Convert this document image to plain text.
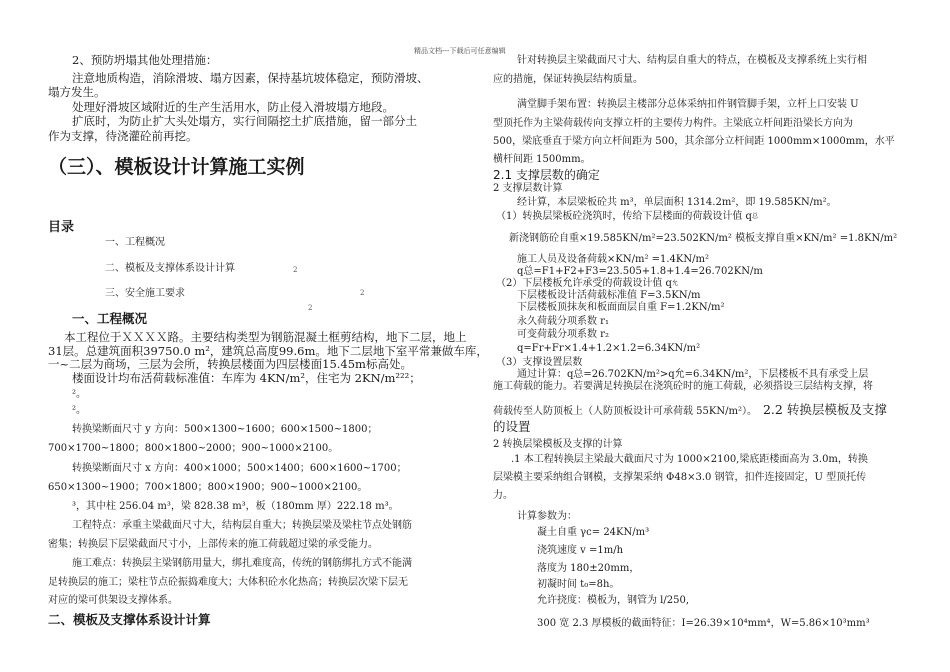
精品文档---下载后可任意编辑
2、预防坍塌其他处理措施：
注意地质构造，消除滑坡、塌方因素，保持基坑坡体稳定，预防滑坡、
塌方发生。
处理好滑坡区域附近的生产生活用水，防止侵入滑坡塌方地段。
扩底时，为防止扩大头处塌方，实行间隔挖土扩底措施，留一部分土
作为支撑，待浇灌砼前再挖。
（三）、模板设计计算施工实例
目录
一、工程概况
二、模板及支撑体系设计计算	2
三、安全施工要求	2
2
一、工程概况
本工程位于ＸＸＸＸ路。主要结构类型为钢筋混凝土框剪结构，地下二层，地上
31层。总建筑面积39750.0 m²，建筑总高度99.6m。地下二层地下室平常兼做车库，
一~二层为商场，三层为会所，转换层楼面为四层楼面15.45m标高处。
楼面设计均布活荷载标准值：车库为 4KN/m²，住宅为 2KN/m²²²；
²。
²。
转换梁断面尺寸 y 方向：500×1300~1600；600×1500~1800；
700×1700~1800；800×1800~2000；900~1000×2100。
转换梁断面尺寸 x 方向：400×1000；500×1400；600×1600~1700；
650×1300~1900；700×1800；800×1900；900~1000×2100。
³，其中柱 256.04 m³，梁 828.38 m³，板（180mm 厚）222.18 m³。
工程特点：承重主梁截面尺寸大，结构层自重大；转换层梁及梁柱节点处钢筋
密集；转换层下层梁截面尺寸小，上部传来的施工荷载超过梁的承受能力。
施工难点：转换层主梁钢筋用量大，绑扎难度高，传统的钢筋绑扎方式不能满
足转换层的施工；梁柱节点砼振捣难度大；大体积砼水化热高；转换层次梁下层无
对应的梁可供架设支撑体系。
二、模板及支撑体系设计计算
针对转换层主梁截面尺寸大、结构层自重大的特点，在模板及支撑系统上实行相
应的措施，保证转换层结构质量。
满堂脚手架布置：转换层主楼部分总体采纳扣件钢管脚手架，立杆上口安装 U
型顶托作为主梁荷载传向支撑立杆的主要传力构件。主梁底立杆间距沿梁长方向为
500，梁底垂直于梁方向立杆间距为 500，其余部分立杆间距 1000mm×1000mm，水平
横杆间距 1500mm。
2.1 支撑层数的确定
2 支撑层数计算
经计算，本层梁板砼共 m³，单层面积 1314.2m²，即 19.585KN/m²。
（1）转换层梁板砼浇筑时，传给下层楼面的荷载设计值 q总
新浇钢筋砼自重×19.585KN/m²=23.502KN/m² 模板支撑自重×KN/m² =1.8KN/m²
施工人员及设备荷载×KN/m² =1.4KN/m²
q总=F1+F2+F3=23.505+1.8+1.4=26.702KN/m
（2）下层楼板允许承受的荷载设计值 q允
下层楼板设计活荷载标准值 F=3.5KN/m
下层楼板顶抹灰和板面面层自重 F=1.2KN/m²
永久荷载分项系数 r₁
可变荷载分项系数 r₂
q=Fr+Fr×1.4+1.2×1.2=6.34KN/m²
（3）支撑设置层数
通过计算：q总=26.702KN/m²>q允=6.34KN/m²，下层楼板不具有承受上层
施工荷载的能力。若要满足转换层在浇筑砼时的施工荷载，必须搭设三层结构支撑，将
荷载传至人防顶板上（人防顶板设计可承荷载 55KN/m²）。 2.2 转换层模板及支撑
的设置
2 转换层梁模板及支撑的计算
.1 本工程转换层主梁最大截面尺寸为 1000×2100,梁底距楼面高为 3.0m，转换
层梁模主要采纳组合钢模，支撑架采纳 Φ48×3.0 钢管，扣件连接固定，U 型顶托传
力。
计算参数为：
凝土自重 γc= 24KN/m³
浇筑速度 v =1m/h
落度为 180±20mm，
初凝时间 t₀=8h。
允许挠度：模板为，钢管为 l/250,
300 宽 2.3 厚模板的截面特征：I=26.39×10⁴mm⁴，W=5.86×10³mm³
